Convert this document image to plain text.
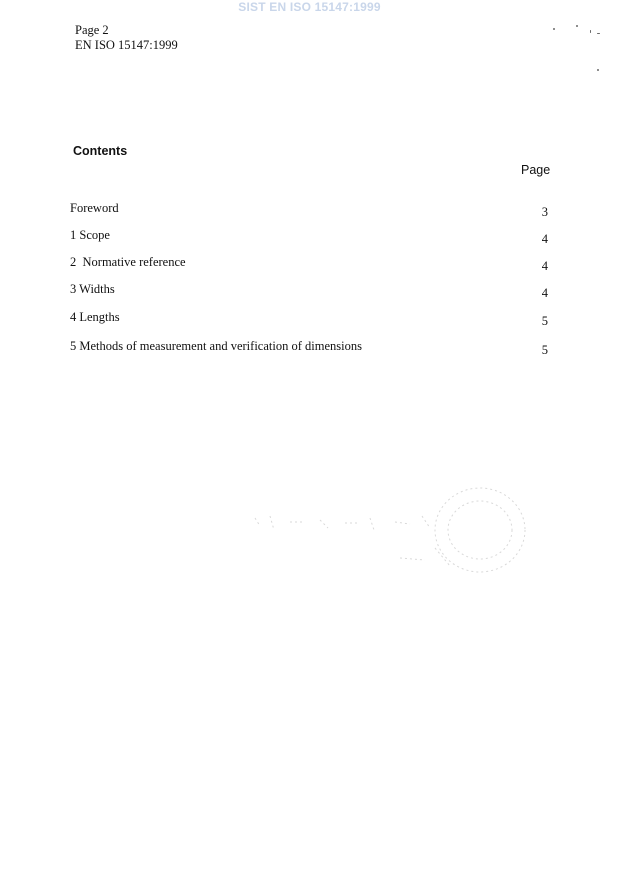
SIST EN ISO 15147:1999
Page 2
EN ISO 15147:1999
Contents
Page
Foreword	3
1 Scope	4
2  Normative reference	4
3 Widths	4
4 Lengths	5
5 Methods of measurement and verification of dimensions	5
